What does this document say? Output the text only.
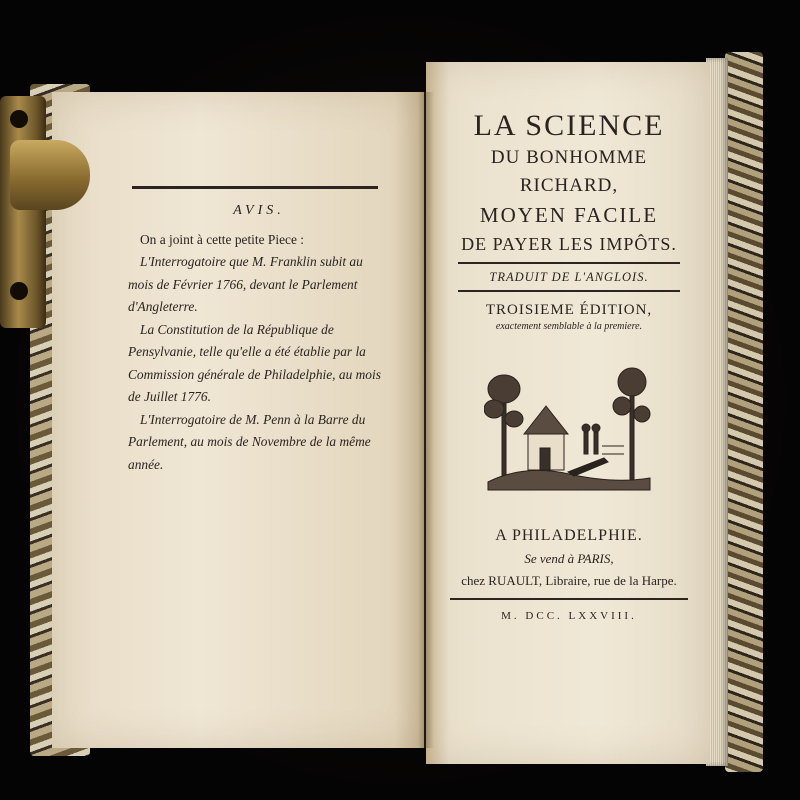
AVIS.

On a joint à cette petite Piece :

L'Interrogatoire que M. Franklin subit au mois de Février 1766, devant le Parlement d'Angleterre.

La Constitution de la République de Pensylvanie, telle qu'elle a été établie par la Commission générale de Philadelphie, au mois de Juillet 1776.

L'Interrogatoire de M. Penn à la Barre du Parlement, au mois de Novembre de la même année.

LA SCIENCE
DU BONHOMME RICHARD,
MOYEN FACILE
DE PAYER LES IMPÔTS.
TRADUIT DE L'ANGLOIS.
TROISIEME ÉDITION,
exactement semblable à la premiere.
A PHILADELPHIE.
Se vend à PARIS,
chez RUAULT, Libraire, rue de la Harpe.
M. DCC. LXXVIII.
